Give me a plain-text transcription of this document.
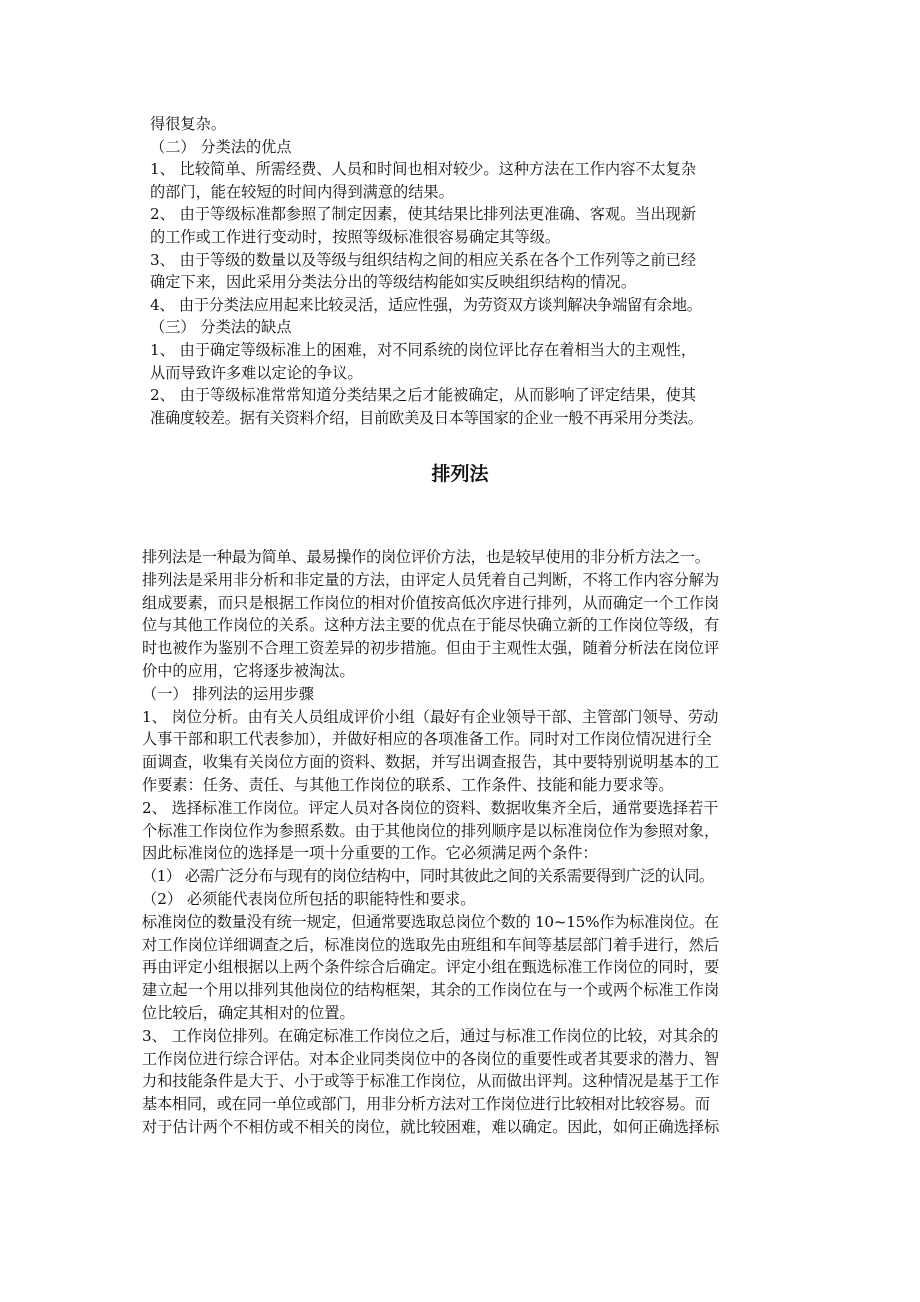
得很复杂。

（二） 分类法的优点

1、 比较简单、所需经费、人员和时间也相对较少。这种方法在工作内容不太复杂

的部门，能在较短的时间内得到满意的结果。

2、 由于等级标准都参照了制定因素，使其结果比排列法更准确、客观。当出现新

的工作或工作进行变动时，按照等级标准很容易确定其等级。

3、 由于等级的数量以及等级与组织结构之间的相应关系在各个工作列等之前已经

确定下来，因此采用分类法分出的等级结构能如实反映组织结构的情况。

4、 由于分类法应用起来比较灵活，适应性强，为劳资双方谈判解决争端留有余地。

（三） 分类法的缺点

1、 由于确定等级标准上的困难，对不同系统的岗位评比存在着相当大的主观性，

从而导致许多难以定论的争议。

2、 由于等级标准常常知道分类结果之后才能被确定，从而影响了评定结果，使其

准确度较差。据有关资料介绍，目前欧美及日本等国家的企业一般不再采用分类法。

排列法

排列法是一种最为简单、最易操作的岗位评价方法，也是较早使用的非分析方法之一。

排列法是采用非分析和非定量的方法，由评定人员凭着自己判断，不将工作内容分解为

组成要素，而只是根据工作岗位的相对价值按高低次序进行排列，从而确定一个工作岗

位与其他工作岗位的关系。这种方法主要的优点在于能尽快确立新的工作岗位等级，有

时也被作为鉴别不合理工资差异的初步措施。但由于主观性太强，随着分析法在岗位评

价中的应用，它将逐步被淘汰。

（一） 排列法的运用步骤

1、 岗位分析。由有关人员组成评价小组（最好有企业领导干部、主管部门领导、劳动

人事干部和职工代表参加），并做好相应的各项准备工作。同时对工作岗位情况进行全

面调查，收集有关岗位方面的资料、数据，并写出调查报告，其中要特别说明基本的工

作要素：任务、责任、与其他工作岗位的联系、工作条件、技能和能力要求等。

2、 选择标准工作岗位。评定人员对各岗位的资料、数据收集齐全后，通常要选择若干

个标准工作岗位作为参照系数。由于其他岗位的排列顺序是以标准岗位作为参照对象，

因此标准岗位的选择是一项十分重要的工作。它必须满足两个条件：

（1） 必需广泛分布与现有的岗位结构中，同时其彼此之间的关系需要得到广泛的认同。

（2） 必须能代表岗位所包括的职能特性和要求。

标准岗位的数量没有统一规定，但通常要选取总岗位个数的 10~15%作为标准岗位。在

对工作岗位详细调查之后，标准岗位的选取先由班组和车间等基层部门着手进行，然后

再由评定小组根据以上两个条件综合后确定。评定小组在甄选标准工作岗位的同时，要

建立起一个用以排列其他岗位的结构框架，其余的工作岗位在与一个或两个标准工作岗

位比较后，确定其相对的位置。

3、 工作岗位排列。在确定标准工作岗位之后，通过与标准工作岗位的比较，对其余的

工作岗位进行综合评估。对本企业同类岗位中的各岗位的重要性或者其要求的潜力、智

力和技能条件是大于、小于或等于标准工作岗位，从而做出评判。这种情况是基于工作

基本相同，或在同一单位或部门，用非分析方法对工作岗位进行比较相对比较容易。而

对于估计两个不相仿或不相关的岗位，就比较困难，难以确定。因此，如何正确选择标
